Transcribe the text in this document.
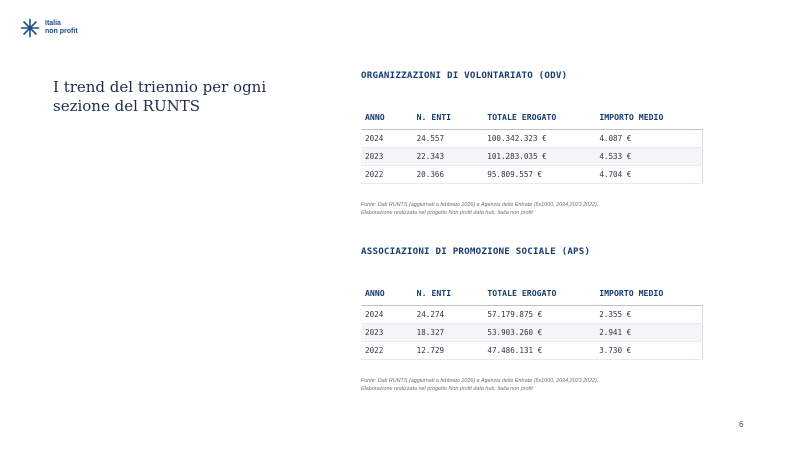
Italia
non profit
I trend del triennio per ogni sezione del RUNTS
ORGANIZZAZIONI DI VOLONTARIATO (ODV)
ANNO	N. ENTI	TOTALE EROGATO	IMPORTO MEDIO
2024	24.557	100.342.323 €	4.087 €
2023	22.343	101.283.035 €	4.533 €
2022	20.366	95.809.557 €	4.704 €

Fonte: Dati RUNTS (aggiornati a febbraio 2026) e Agenzia delle Entrate (5x1000, 2024,2023,2022).
Elaborazione realizzata nel progetto Non profit data hub, Italia non profit

ASSOCIAZIONI DI PROMOZIONE SOCIALE (APS)
ANNO	N. ENTI	TOTALE EROGATO	IMPORTO MEDIO
2024	24.274	57.179.875 €	2.355 €
2023	18.327	53.903.260 €	2.941 €
2022	12.729	47.486.131 €	3.730 €

Fonte: Dati RUNTS (aggiornati a febbraio 2026) e Agenzia delle Entrate (5x1000, 2024,2023,2022).
Elaborazione realizzata nel progetto Non profit data hub, Italia non profit

6
